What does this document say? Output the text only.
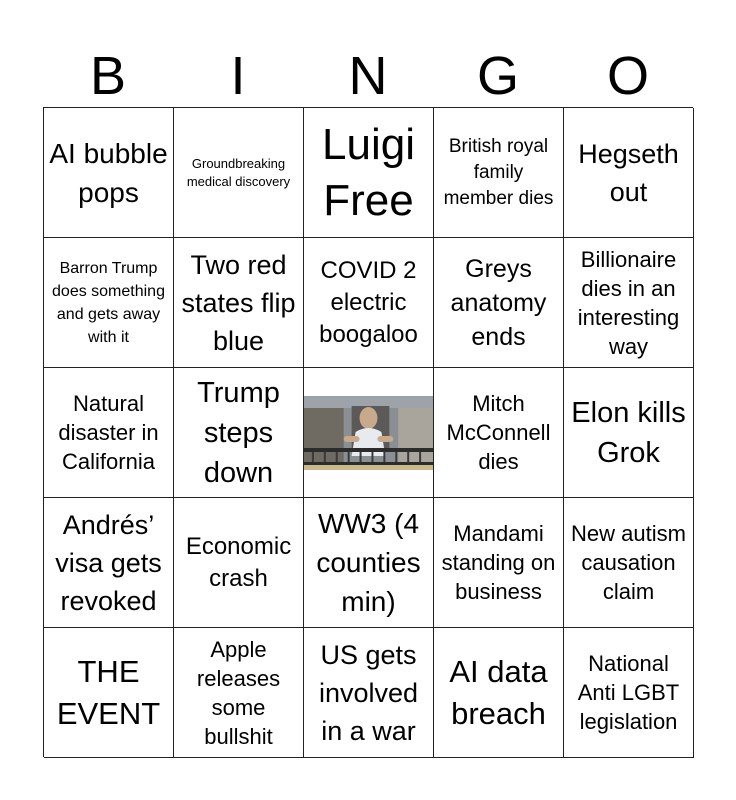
B	I	N	G	O
AI bubble pops
Groundbreaking medical discovery
Luigi Free
British royal family member dies
Hegseth out
Barron Trump does something and gets away with it
Two red states flip blue
COVID 2 electric boogaloo
Greys anatomy ends
Billionaire dies in an interesting way
Natural disaster in California
Trump steps down
Mitch McConnell dies
Elon kills Grok
Andrés’ visa gets revoked
Economic crash
WW3 (4 counties min)
Mandami standing on business
New autism causation claim
THE EVENT
Apple releases some bullshit
US gets involved in a war
AI data breach
National Anti LGBT legislation
